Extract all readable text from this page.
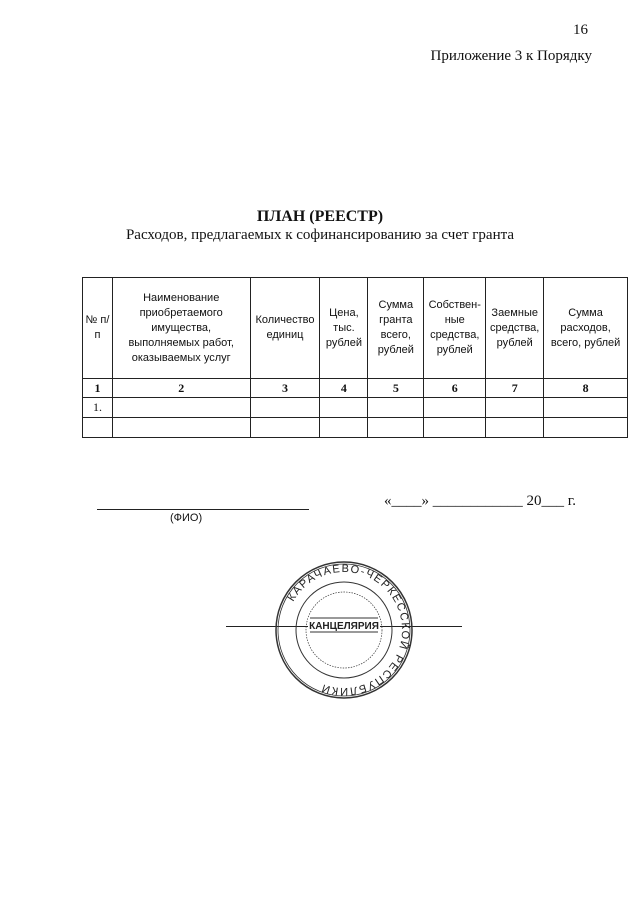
16
Приложение 3 к Порядку
ПЛАН (РЕЕСТР)
Расходов, предлагаемых к софинансированию за счет гранта
№ п/п	Наименование приобретаемого имущества, выполняемых работ, оказываемых услуг	Количество единиц	Цена, тыс. рублей	Сумма гранта всего, рублей	Собствен-ные средства, рублей	Заемные средства, рублей	Сумма расходов, всего, рублей
1	2	3	4	5	6	7	8
1.							

(ФИО)
«____» ____________ 20___ г.
КАРАЧАЕВО-ЧЕРКЕССКОЙ РЕСПУБЛИКИ
КАНЦЕЛЯРИЯ
